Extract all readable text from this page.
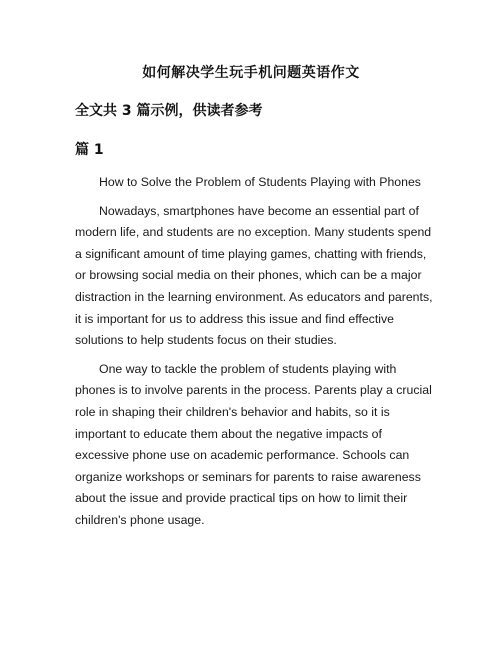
如何解决学生玩手机问题英语作文
全文共 3 篇示例，供读者参考
篇 1

How to Solve the Problem of Students Playing with Phones

Nowadays, smartphones have become an essential part of modern life, and students are no exception. Many students spend a significant amount of time playing games, chatting with friends, or browsing social media on their phones, which can be a major distraction in the learning environment. As educators and parents, it is important for us to address this issue and find effective solutions to help students focus on their studies.

One way to tackle the problem of students playing with phones is to involve parents in the process. Parents play a crucial role in shaping their children's behavior and habits, so it is important to educate them about the negative impacts of excessive phone use on academic performance. Schools can organize workshops or seminars for parents to raise awareness about the issue and provide practical tips on how to limit their children's phone usage.
